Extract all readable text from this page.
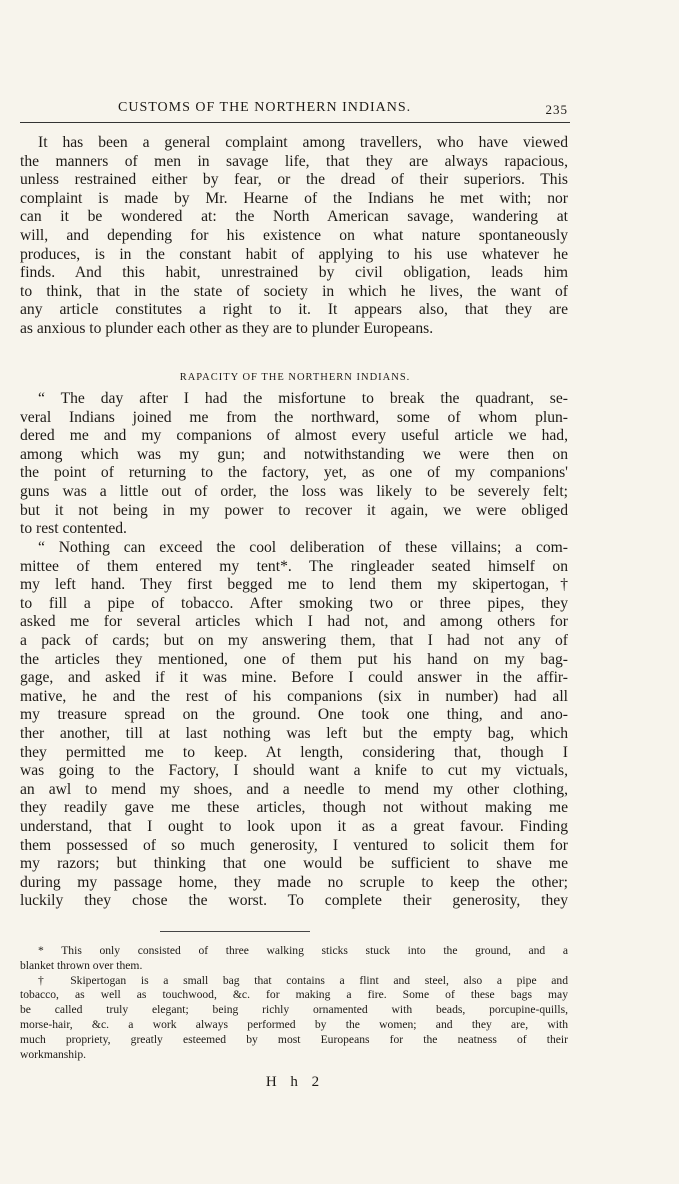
CUSTOMS OF THE NORTHERN INDIANS.	235

It has been a general complaint among travellers, who have viewed

the manners of men in savage life, that they are always rapacious,

unless restrained either by fear, or the dread of their superiors. This

complaint is made by Mr. Hearne of the Indians he met with; nor

can it be wondered at: the North American savage, wandering at

will, and depending for his existence on what nature spontaneously

produces, is in the constant habit of applying to his use whatever he

finds. And this habit, unrestrained by civil obligation, leads him

to think, that in the state of society in which he lives, the want of

any article constitutes a right to it. It appears also, that they are

as anxious to plunder each other as they are to plunder Europeans.

RAPACITY OF THE NORTHERN INDIANS.

“ The day after I had the misfortune to break the quadrant, se-

veral Indians joined me from the northward, some of whom plun-

dered me and my companions of almost every useful article we had,

among which was my gun; and notwithstanding we were then on

the point of returning to the factory, yet, as one of my companions'

guns was a little out of order, the loss was likely to be severely felt;

but it not being in my power to recover it again, we were obliged

to rest contented.

“ Nothing can exceed the cool deliberation of these villains; a com-

mittee of them entered my tent*. The ringleader seated himself on

my left hand. They first begged me to lend them my skipertogan,†

to fill a pipe of tobacco. After smoking two or three pipes, they

asked me for several articles which I had not, and among others for

a pack of cards; but on my answering them, that I had not any of

the articles they mentioned, one of them put his hand on my bag-

gage, and asked if it was mine. Before I could answer in the affir-

mative, he and the rest of his companions (six in number) had all

my treasure spread on the ground. One took one thing, and ano-

ther another, till at last nothing was left but the empty bag, which

they permitted me to keep. At length, considering that, though I

was going to the Factory, I should want a knife to cut my victuals,

an awl to mend my shoes, and a needle to mend my other clothing,

they readily gave me these articles, though not without making me

understand, that I ought to look upon it as a great favour. Finding

them possessed of so much generosity, I ventured to solicit them for

my razors; but thinking that one would be sufficient to shave me

during my passage home, they made no scruple to keep the other;

luckily they chose the worst. To complete their generosity, they

* This only consisted of three walking sticks stuck into the ground, and a

blanket thrown over them.

† Skipertogan is a small bag that contains a flint and steel, also a pipe and

tobacco, as well as touchwood, &c. for making a fire. Some of these bags may

be called truly elegant; being richly ornamented with beads, porcupine-quills,

morse-hair, &c. a work always performed by the women; and they are, with

much propriety, greatly esteemed by most Europeans for the neatness of their

workmanship.

H h 2
